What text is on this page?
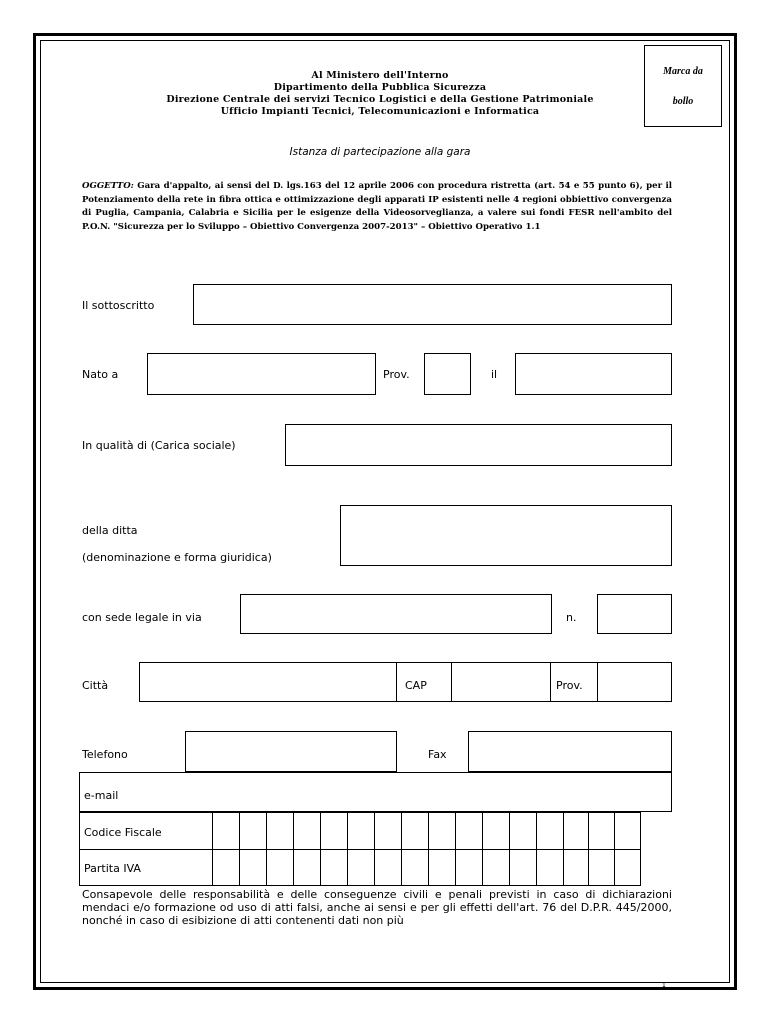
Al Ministero dell'Interno
Dipartimento della Pubblica Sicurezza
Direzione Centrale dei servizi Tecnico Logistici e della Gestione Patrimoniale
Ufficio Impianti Tecnici, Telecomunicazioni e Informatica
Marca da
bollo
Istanza di partecipazione alla gara
OGGETTO: Gara d'appalto, ai sensi del D. lgs.163 del 12 aprile 2006 con procedura ristretta (art. 54 e 55 punto 6), per il Potenziamento della rete in fibra ottica e ottimizzazione degli apparati IP esistenti nelle 4 regioni obbiettivo convergenza di Puglia, Campania, Calabria e Sicilia per le esigenze della Videosorveglianza, a valere sui fondi FESR nell'ambito del P.O.N. "Sicurezza per lo Sviluppo – Obiettivo Convergenza 2007-2013" – Obiettivo Operativo 1.1
Il sottoscritto
Nato a	Prov.	il
In qualità di (Carica sociale)
della ditta
(denominazione e forma giuridica)
con sede legale in via	n.
Città	CAP	Prov.
Telefono	Fax
e-mail
Codice Fiscale
Partita IVA
Consapevole delle responsabilità e delle conseguenze civili e penali previsti in caso di dichiarazioni mendaci e/o formazione od uso di atti falsi, anche ai sensi e per gli effetti dell'art. 76 del D.P.R. 445/2000, nonché in caso di esibizione di atti contenenti dati non più
1
